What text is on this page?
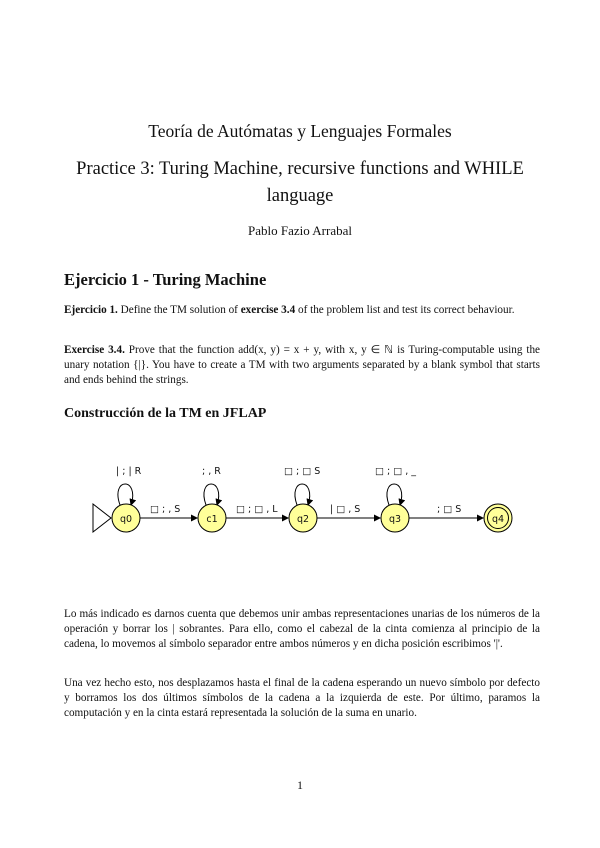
Teoría de Autómatas y Lenguajes Formales
Practice 3: Turing Machine, recursive functions and WHILE language
Pablo Fazio Arrabal
Ejercicio 1 - Turing Machine
Ejercicio 1. Define the TM solution of exercise 3.4 of the problem list and test its correct behaviour.
Exercise 3.4. Prove that the function add(x, y) = x + y, with x, y ∈ ℕ is Turing-computable using the unary notation {|}. You have to create a TM with two arguments separated by a blank symbol that starts and ends behind the strings.
Construcción de la TM en JFLAP
| ; | R	; , R	□ ; □ S	□ ; □ , _
□ ; , S	□ ; □ , L	| □ , S	; □ S
q0	c1	q2	q3	q4
Lo más indicado es darnos cuenta que debemos unir ambas representaciones unarias de los números de la operación y borrar los | sobrantes. Para ello, como el cabezal de la cinta comienza al principio de la cadena, lo movemos al símbolo separador entre ambos números y en dicha posición escribimos '|'.
Una vez hecho esto, nos desplazamos hasta el final de la cadena esperando un nuevo símbolo por defecto y borramos los dos últimos símbolos de la cadena a la izquierda de este. Por último, paramos la computación y en la cinta estará representada la solución de la suma en unario.
1
